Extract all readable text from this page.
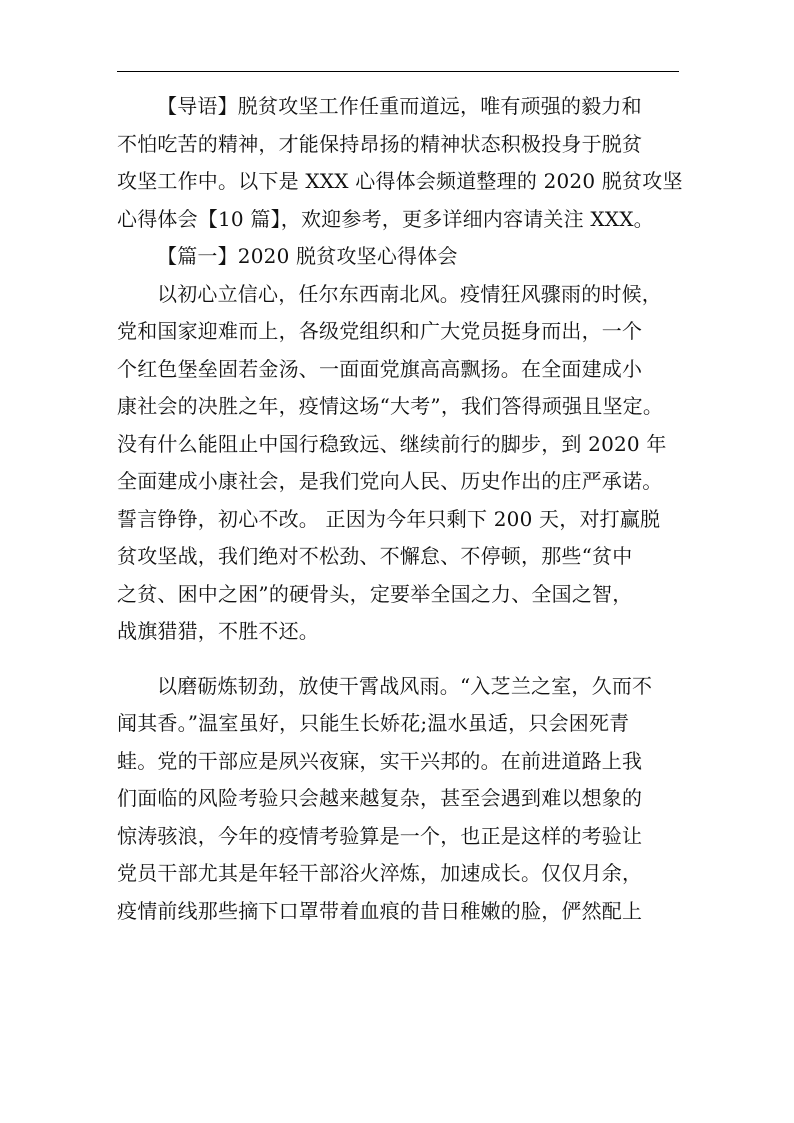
【导语】脱贫攻坚工作任重而道远，唯有顽强的毅力和
不怕吃苦的精神，才能保持昂扬的精神状态积极投身于脱贫
攻坚工作中。以下是 XXX 心得体会频道整理的 2020 脱贫攻坚
心得体会【10 篇】，欢迎参考，更多详细内容请关注 XXX。
【篇一】2020 脱贫攻坚心得体会
以初心立信心，任尔东西南北风。疫情狂风骤雨的时候，
党和国家迎难而上，各级党组织和广大党员挺身而出，一个
个红色堡垒固若金汤、一面面党旗高高飘扬。在全面建成小
康社会的决胜之年，疫情这场“大考”，我们答得顽强且坚定。
没有什么能阻止中国行稳致远、继续前行的脚步，到 2020 年
全面建成小康社会，是我们党向人民、历史作出的庄严承诺。
誓言铮铮，初心不改。 正因为今年只剩下 200 天，对打赢脱
贫攻坚战，我们绝对不松劲、不懈怠、不停顿，那些“贫中
之贫、困中之困”的硬骨头，定要举全国之力、全国之智，
战旗猎猎，不胜不还。
以磨砺炼韧劲，放使干霄战风雨。“入芝兰之室，久而不
闻其香。”温室虽好，只能生长娇花;温水虽适，只会困死青
蛙。党的干部应是夙兴夜寐，实干兴邦的。在前进道路上我
们面临的风险考验只会越来越复杂，甚至会遇到难以想象的
惊涛骇浪，今年的疫情考验算是一个，也正是这样的考验让
党员干部尤其是年轻干部浴火淬炼，加速成长。仅仅月余，
疫情前线那些摘下口罩带着血痕的昔日稚嫩的脸，俨然配上
